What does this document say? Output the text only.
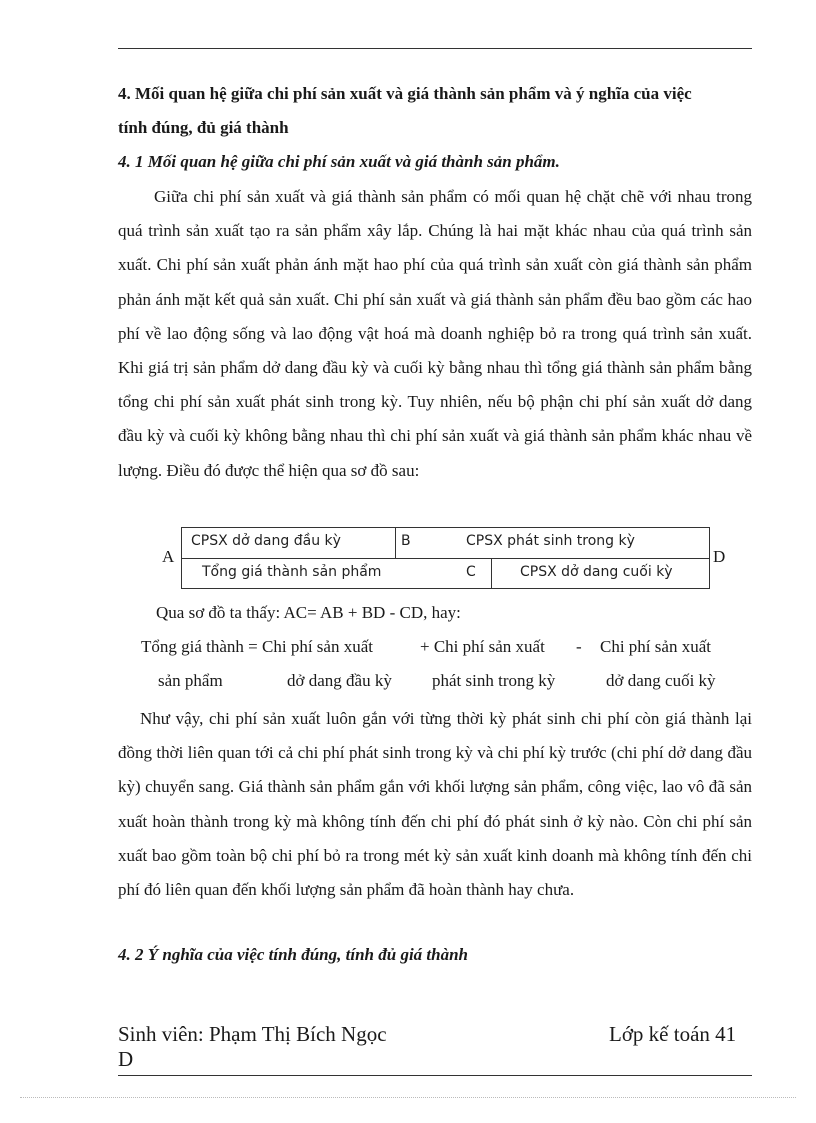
4. Mối quan hệ giữa chi phí sản xuất và giá thành sản phẩm và ý nghĩa của việc
tính đúng, đủ giá thành
4. 1 Mối quan hệ giữa chi phí sản xuất và giá thành sản phẩm.

Giữa chi phí sản xuất và giá thành sản phẩm có mối quan hệ chặt chẽ với nhau trong quá trình sản xuất tạo ra sản phẩm xây lắp. Chúng là hai mặt khác nhau của quá trình sản xuất. Chi phí sản xuất phản ánh mặt hao phí của quá trình sản xuất còn giá thành sản phẩm phản ánh mặt kết quả sản xuất. Chi phí sản xuất và giá thành sản phẩm đều bao gồm các hao phí về lao động sống và lao động vật hoá mà doanh nghiệp bỏ ra trong quá trình sản xuất. Khi giá trị sản phẩm dở dang đầu kỳ và cuối kỳ bằng nhau thì tổng giá thành sản phẩm bằng tổng chi phí sản xuất phát sinh trong kỳ. Tuy nhiên, nếu bộ phận chi phí sản xuất dở dang đầu kỳ và cuối kỳ không bằng nhau thì chi phí sản xuất và giá thành sản phẩm khác nhau về lượng. Điều đó được thể hiện qua sơ đồ sau:

A	D
CPSX dở dang đầu kỳ	B	CPSX phát sinh trong kỳ
Tổng giá thành sản phẩm	C	CPSX dở dang cuối kỳ
Qua sơ đồ ta thấy: AC= AB + BD - CD, hay:
Tổng giá thành = Chi phí sản xuất	+ Chi phí sản xuất - Chi phí sản xuất
sản phẩm	dở dang đầu kỳ phát sinh trong kỳ	dở dang cuối kỳ

Như vậy, chi phí sản xuất luôn gắn với từng thời kỳ phát sinh chi phí còn giá thành lại đồng thời liên quan tới cả chi phí phát sinh trong kỳ và chi phí kỳ trước (chi phí dở dang đầu kỳ) chuyển sang. Giá thành sản phẩm gắn với khối lượng sản phẩm, công việc, lao vô đã sản xuất hoàn thành trong kỳ mà không tính đến chi phí đó phát sinh ở kỳ nào. Còn chi phí sản xuất bao gồm toàn bộ chi phí bỏ ra trong mét kỳ sản xuất kinh doanh mà không tính đến chi phí đó liên quan đến khối lượng sản phẩm đã hoàn thành hay chưa.

4. 2 Ý nghĩa của việc tính đúng, tính đủ giá thành
Sinh viên: Phạm Thị Bích Ngọc	Lớp kế toán 41
D
